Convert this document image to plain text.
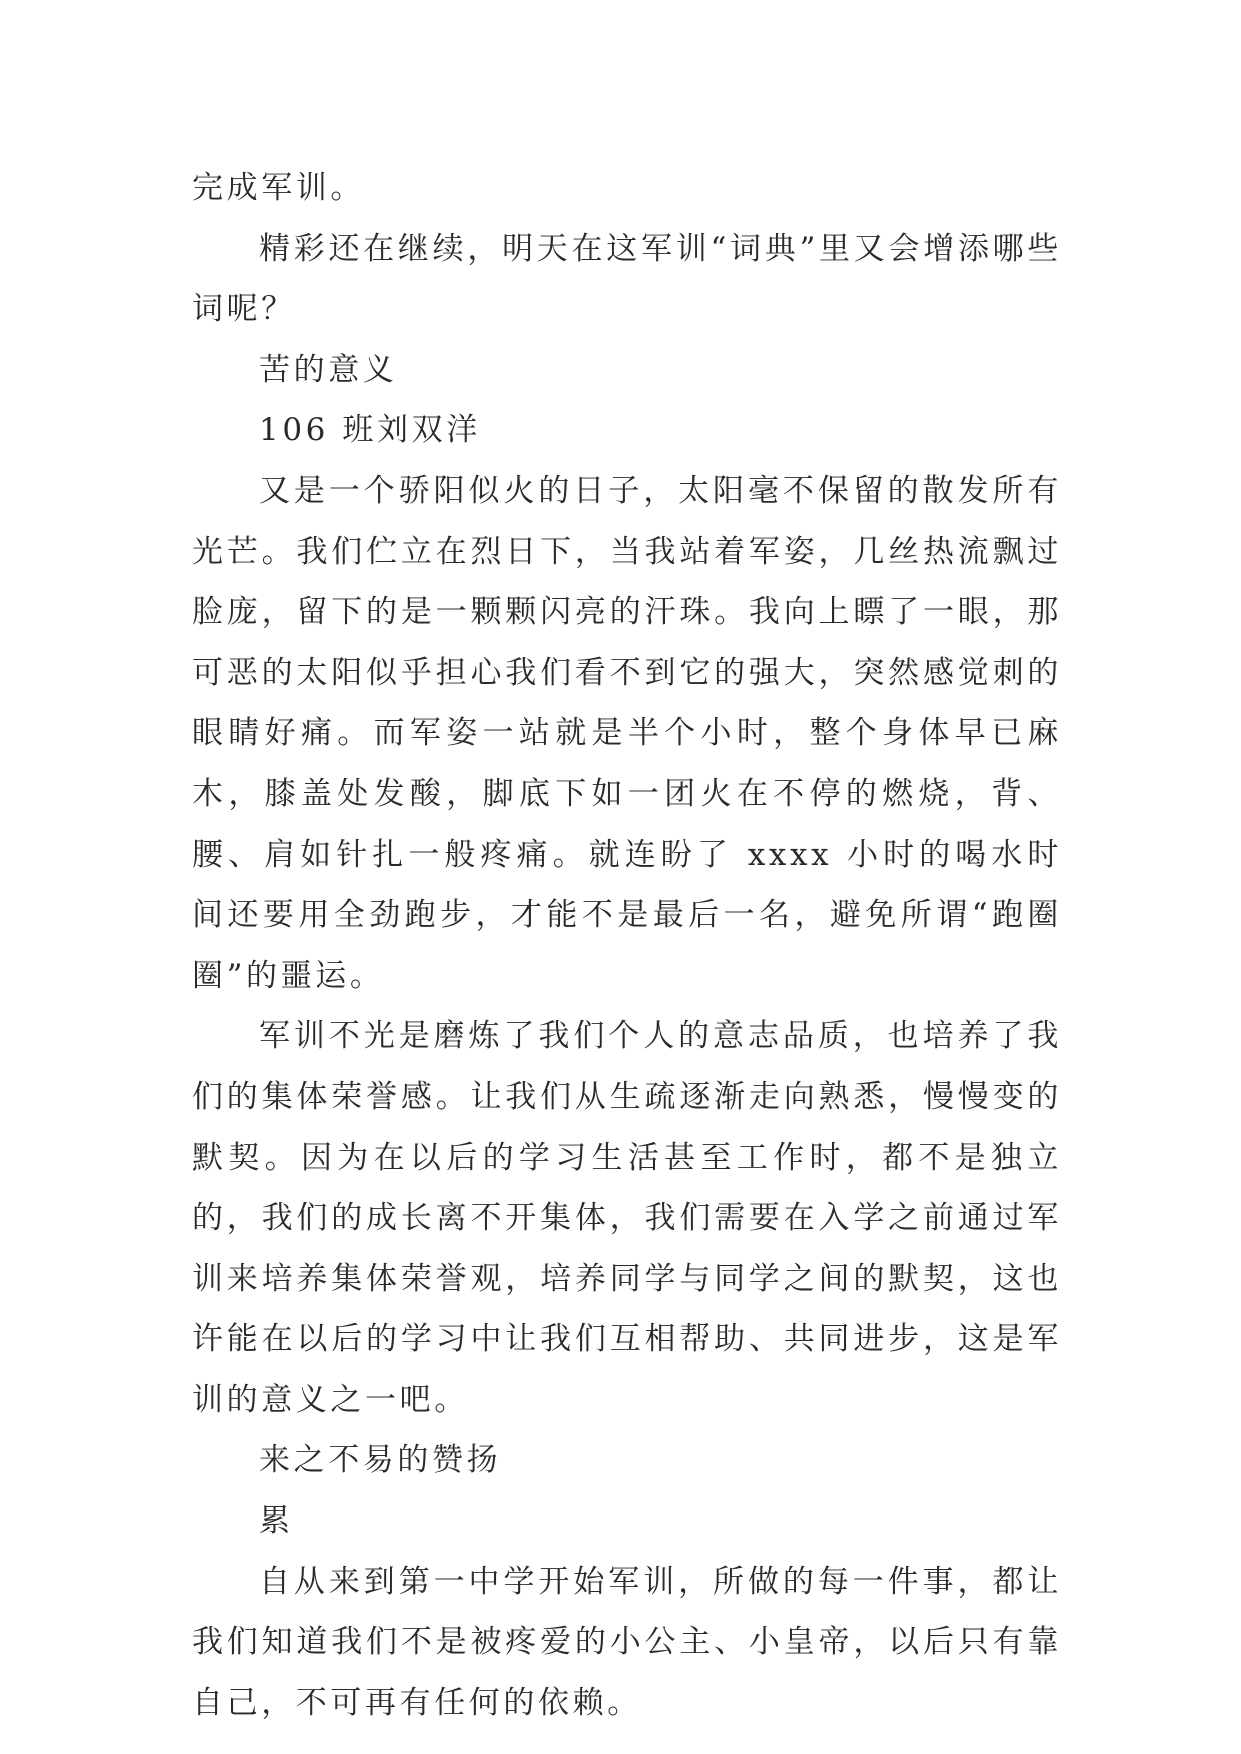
完成军训。

精彩还在继续，明天在这军训“词典”里又会增添哪些词呢？

苦的意义

106 班刘双洋

又是一个骄阳似火的日子，太阳毫不保留的散发所有光芒。我们伫立在烈日下，当我站着军姿，几丝热流飘过脸庞，留下的是一颗颗闪亮的汗珠。我向上瞟了一眼，那可恶的太阳似乎担心我们看不到它的强大，突然感觉刺的眼睛好痛。而军姿一站就是半个小时，整个身体早已麻木，膝盖处发酸，脚底下如一团火在不停的燃烧，背、腰、肩如针扎一般疼痛。就连盼了 xxxx 小时的喝水时间还要用全劲跑步，才能不是最后一名，避免所谓“跑圈圈”的噩运。

军训不光是磨炼了我们个人的意志品质，也培养了我们的集体荣誉感。让我们从生疏逐渐走向熟悉，慢慢变的默契。因为在以后的学习生活甚至工作时，都不是独立的，我们的成长离不开集体，我们需要在入学之前通过军训来培养集体荣誉观，培养同学与同学之间的默契，这也许能在以后的学习中让我们互相帮助、共同进步，这是军训的意义之一吧。

来之不易的赞扬

累

自从来到第一中学开始军训，所做的每一件事，都让我们知道我们不是被疼爱的小公主、小皇帝，以后只有靠自己，不可再有任何的依赖。
